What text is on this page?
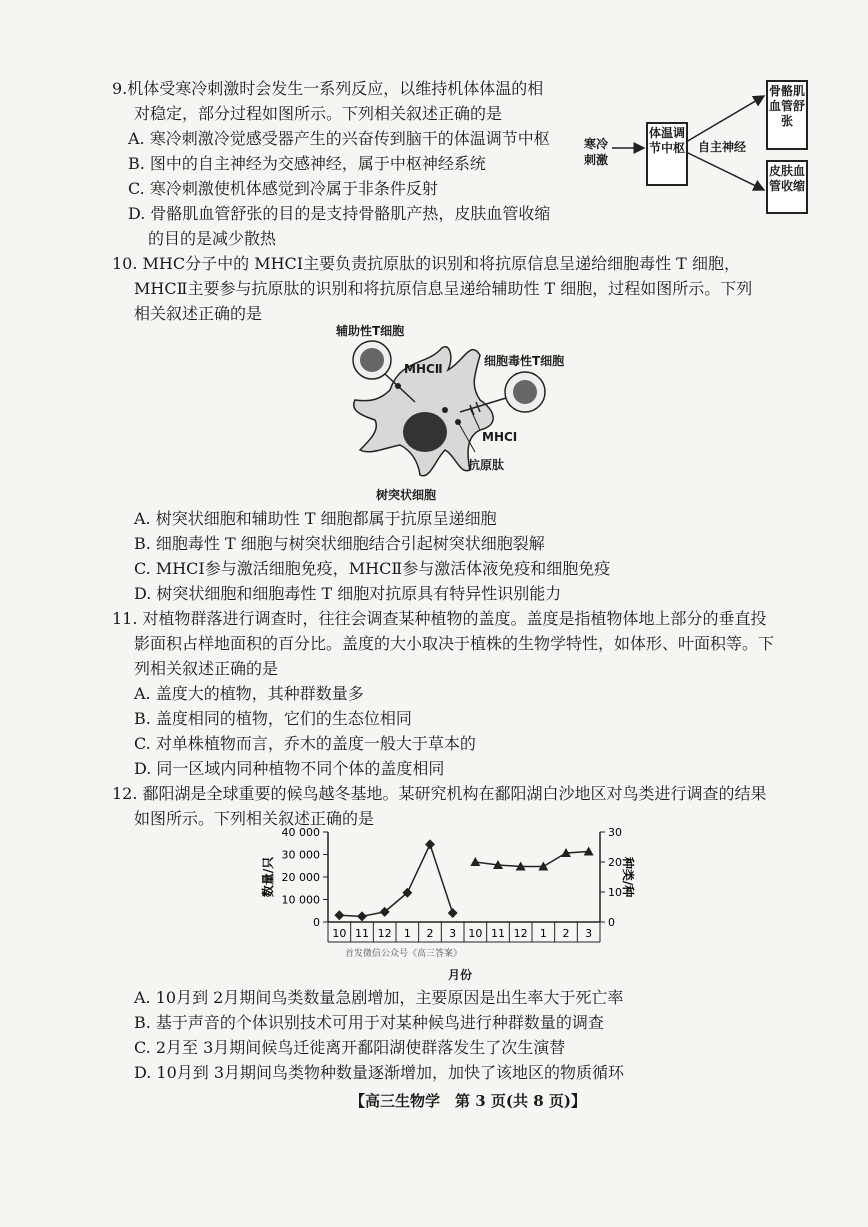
9.机体受寒冷刺激时会发生一系列反应，以维持机体体温的相
对稳定，部分过程如图所示。下列相关叙述正确的是
A. 寒冷刺激冷觉感受器产生的兴奋传到脑干的体温调节中枢
B. 图中的自主神经为交感神经，属于中枢神经系统
C. 寒冷刺激使机体感觉到冷属于非条件反射
D. 骨骼肌血管舒张的目的是支持骨骼肌产热，皮肤血管收缩
的目的是减少散热
寒冷刺激
体温调节中枢 自主神经
骨骼肌血管舒张
皮肤血管收缩
10. MHC分子中的 MHCⅠ主要负责抗原肽的识别和将抗原信息呈递给细胞毒性 T 细胞，
MHCⅡ主要参与抗原肽的识别和将抗原信息呈递给辅助性 T 细胞，过程如图所示。下列
相关叙述正确的是
辅助性T细胞
MHCⅡ
细胞毒性T细胞
MHCⅠ
抗原肽
树突状细胞
A. 树突状细胞和辅助性 T 细胞都属于抗原呈递细胞
B. 细胞毒性 T 细胞与树突状细胞结合引起树突状细胞裂解
C. MHCⅠ参与激活细胞免疫，MHCⅡ参与激活体液免疫和细胞免疫
D. 树突状细胞和细胞毒性 T 细胞对抗原具有特异性识别能力
11. 对植物群落进行调查时，往往会调查某种植物的盖度。盖度是指植物体地上部分的垂直投
影面积占样地面积的百分比。盖度的大小取决于植株的生物学特性，如体形、叶面积等。下
列相关叙述正确的是
A. 盖度大的植物，其种群数量多
B. 盖度相同的植物，它们的生态位相同
C. 对单株植物而言，乔木的盖度一般大于草本的
D. 同一区域内同种植物不同个体的盖度相同
12. 鄱阳湖是全球重要的候鸟越冬基地。某研究机构在鄱阳湖白沙地区对鸟类进行调查的结果
如图所示。下列相关叙述正确的是
40 000
30 000
20 000
10 000
0
30
20
10
0
数量/只	种类/种
10 11 12 1 2 3 10 11 12 1 2 3
首发微信公众号《高三答案》
月份
A. 10月到 2月期间鸟类数量急剧增加，主要原因是出生率大于死亡率
B. 基于声音的个体识别技术可用于对某种候鸟进行种群数量的调查
C. 2月至 3月期间候鸟迁徙离开鄱阳湖使群落发生了次生演替
D. 10月到 3月期间鸟类物种数量逐渐增加，加快了该地区的物质循环
【高三生物学　第 3 页(共 8 页)】
